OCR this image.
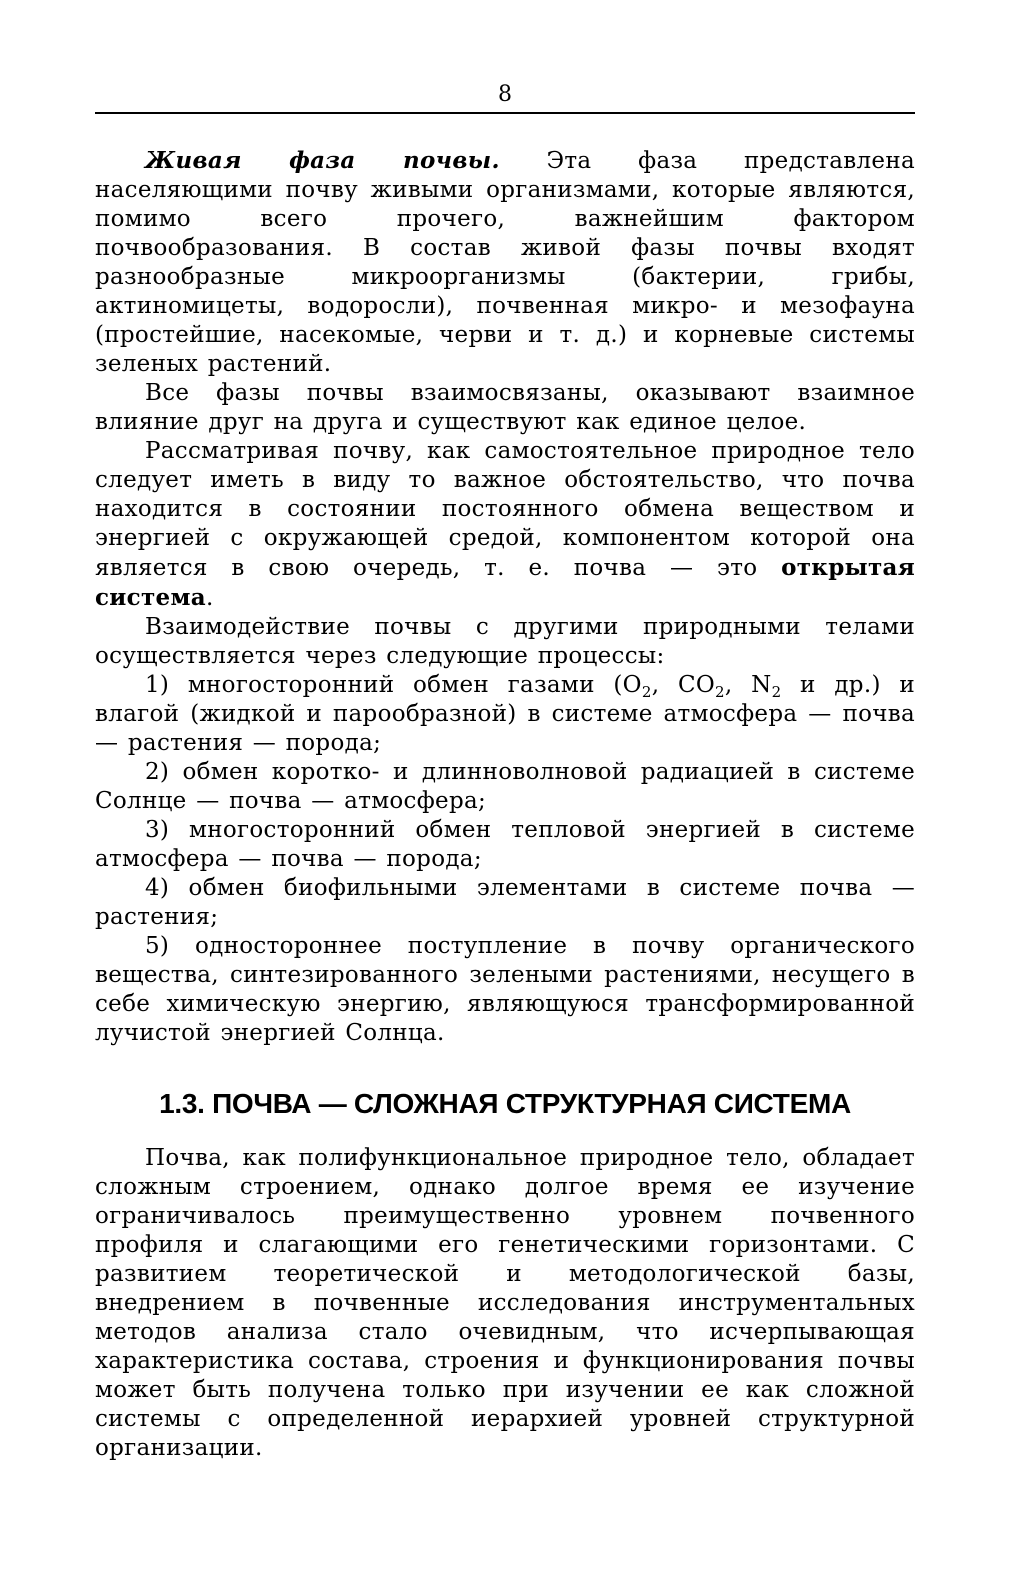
8

Живая фаза почвы. Эта фаза представлена населяющими почву живыми организмами, которые являются, помимо всего прочего, важнейшим фактором почвообразования. В состав живой фазы почвы входят разнообразные микроорганизмы (бактерии, грибы, актиномицеты, водоросли), почвенная микро- и мезофауна (простейшие, насекомые, черви и т. д.) и корневые системы зеленых растений.

Все фазы почвы взаимосвязаны, оказывают взаимное влияние друг на друга и существуют как единое целое.

Рассматривая почву, как самостоятельное природное тело следует иметь в виду то важное обстоятельство, что почва находится в состоянии постоянного обмена веществом и энергией с окружающей средой, компонентом которой она является в свою очередь, т. е. почва — это открытая система.

Взаимодействие почвы с другими природными телами осуществляется через следующие процессы:

1) многосторонний обмен газами ($O_2$, $CO_2$, $N_2$ и др.) и влагой (жидкой и парообразной) в системе атмосфера — почва — растения — порода;

2) обмен коротко- и длинноволновой радиацией в системе Солнце — почва — атмосфера;

3) многосторонний обмен тепловой энергией в системе атмосфера — почва — порода;

4) обмен биофильными элементами в системе почва — растения;

5) одностороннее поступление в почву органического вещества, синтезированного зелеными растениями, несущего в себе химическую энергию, являющуюся трансформированной лучистой энергией Солнца.

1.3. ПОЧВА — СЛОЖНАЯ СТРУКТУРНАЯ СИСТЕМА

Почва, как полифункциональное природное тело, обладает сложным строением, однако долгое время ее изучение ограничивалось преимущественно уровнем почвенного профиля и слагающими его генетическими горизонтами. С развитием теоретической и методологической базы, внедрением в почвенные исследования инструментальных методов анализа стало очевидным, что исчерпывающая характеристика состава, строения и функционирования почвы может быть получена только при изучении ее как сложной системы с определенной иерархией уровней структурной организации.
